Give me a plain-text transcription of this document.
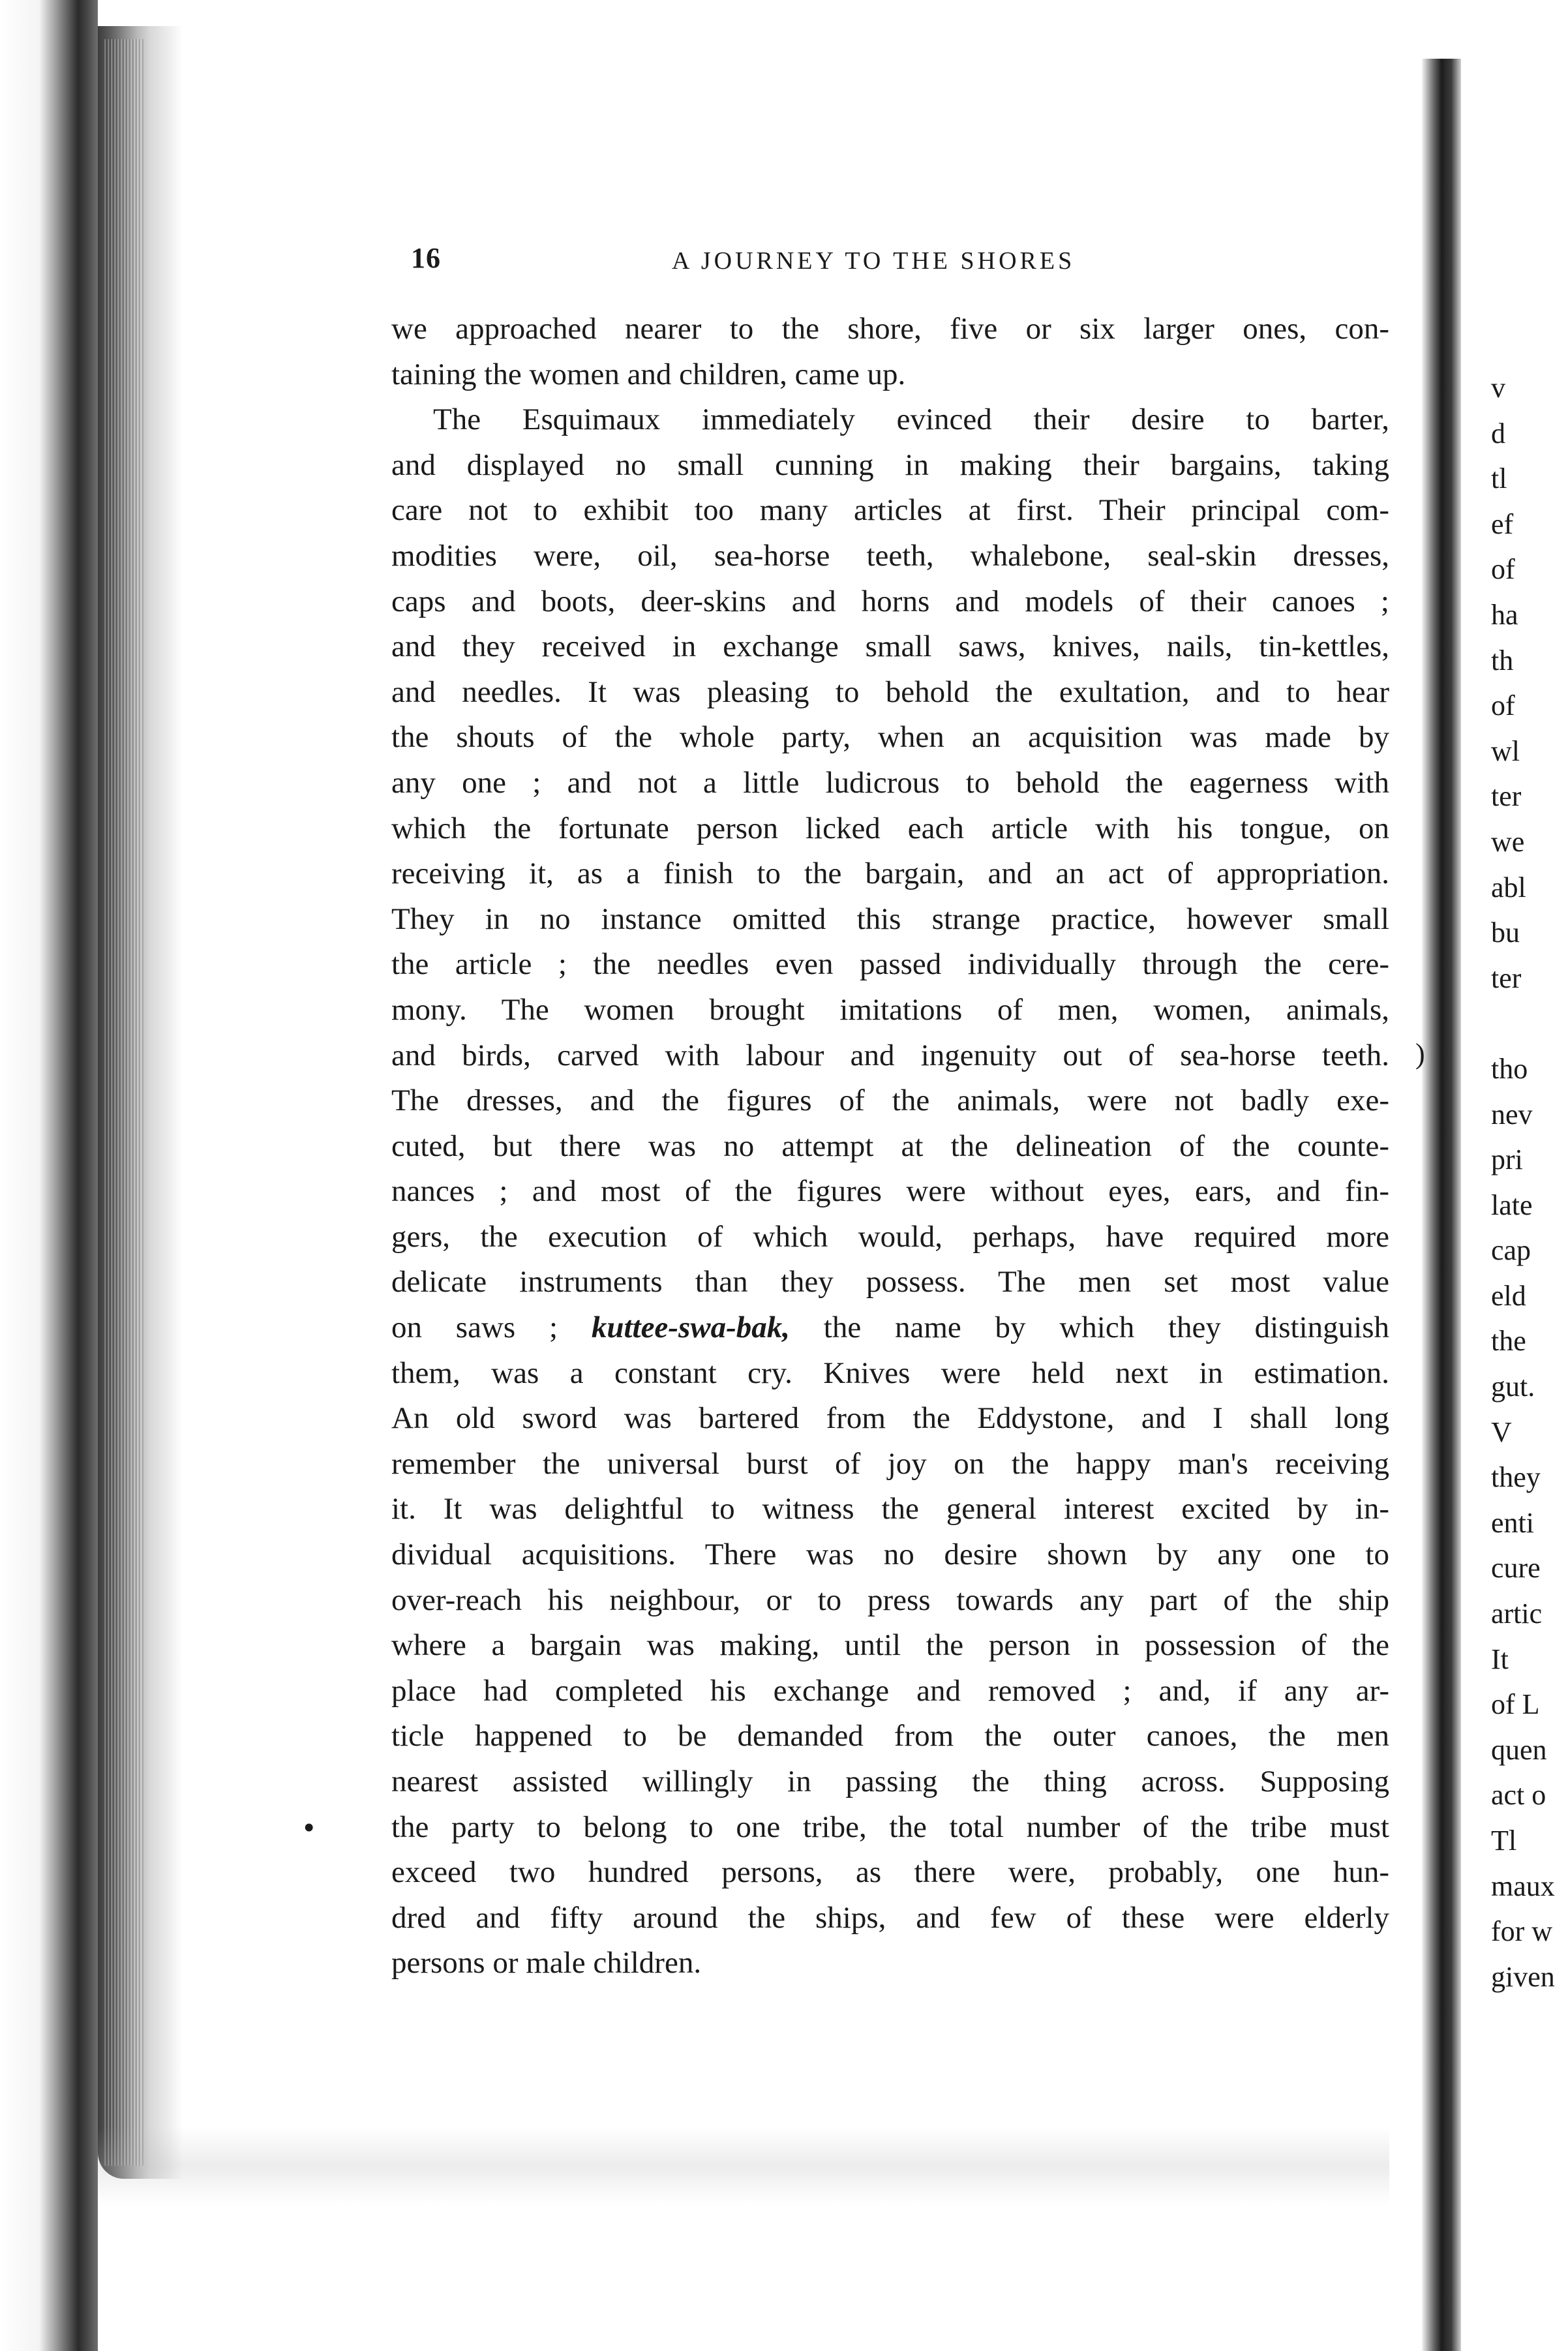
16	A JOURNEY TO THE SHORES
we approached nearer to the shore, five or six larger ones, con-
taining the women and children, came up.
The Esquimaux immediately evinced their desire to barter,
and displayed no small cunning in making their bargains, taking
care not to exhibit too many articles at first. Their principal com-
modities were, oil, sea-horse teeth, whalebone, seal-skin dresses,
caps and boots, deer-skins and horns and models of their canoes ;
and they received in exchange small saws, knives, nails, tin-kettles,
and needles. It was pleasing to behold the exultation, and to hear
the shouts of the whole party, when an acquisition was made by
any one ; and not a little ludicrous to behold the eagerness with
which the fortunate person licked each article with his tongue, on
receiving it, as a finish to the bargain, and an act of appropriation.
They in no instance omitted this strange practice, however small
the article ; the needles even passed individually through the cere-
mony. The women brought imitations of men, women, animals,
and birds, carved with labour and ingenuity out of sea-horse teeth.
The dresses, and the figures of the animals, were not badly exe-
cuted, but there was no attempt at the delineation of the counte-
nances ; and most of the figures were without eyes, ears, and fin-
gers, the execution of which would, perhaps, have required more
delicate instruments than they possess. The men set most value
on saws ; kuttee-swa-bak, the name by which they distinguish
them, was a constant cry. Knives were held next in estimation.
An old sword was bartered from the Eddystone, and I shall long
remember the universal burst of joy on the happy man's receiving
it. It was delightful to witness the general interest excited by in-
dividual acquisitions. There was no desire shown by any one to
over-reach his neighbour, or to press towards any part of the ship
where a bargain was making, until the person in possession of the
place had completed his exchange and removed ; and, if any ar-
ticle happened to be demanded from the outer canoes, the men
nearest assisted willingly in passing the thing across. Supposing
the party to belong to one tribe, the total number of the tribe must
exceed two hundred persons, as there were, probably, one hun-
dred and fifty around the ships, and few of these were elderly
persons or male children.
)
•
v
d
tl
ef
of
ha
th
of
wl
ter
we
abl
bu
ter
tho
nev
pri
late
cap
eld
the
gut.
V
they
enti
cure
artic
It
of L
quen
act o
Tl
maux
for w
given
